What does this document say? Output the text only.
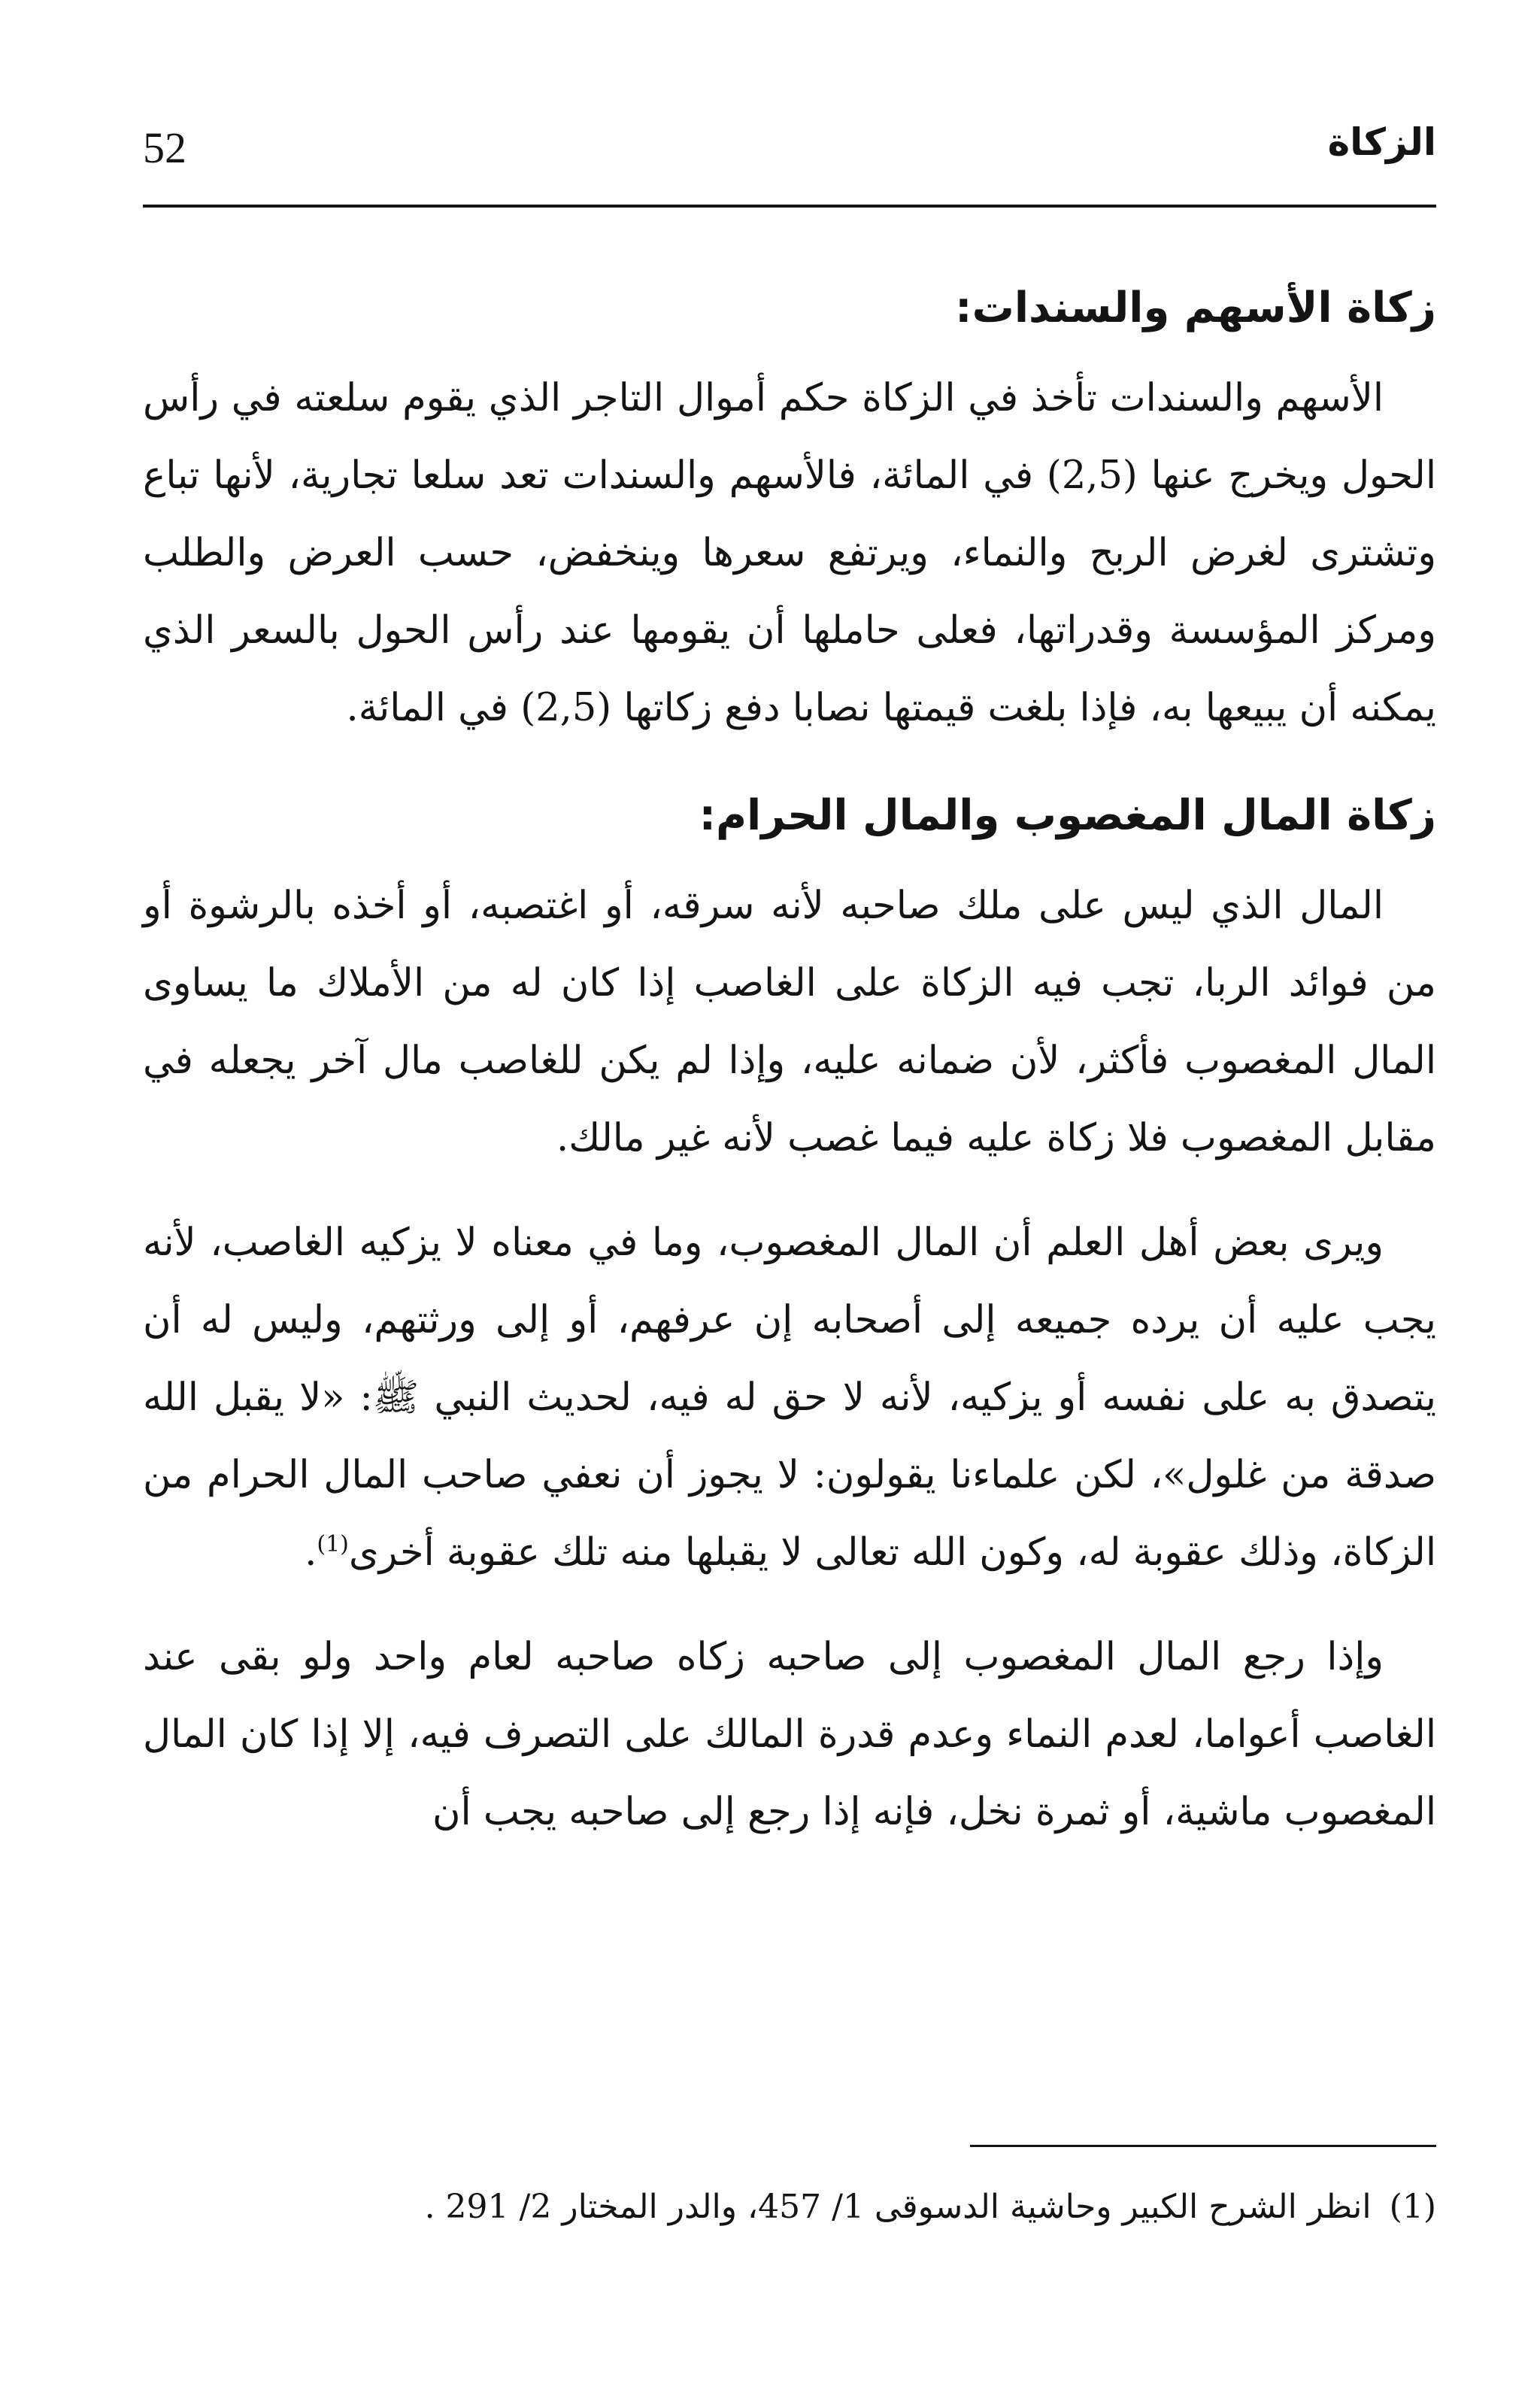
52	الزكاة
زكاة الأسهم والسندات:

الأسهم والسندات تأخذ في الزكاة حكم أموال التاجر الذي يقوم سلعته في رأس الحول ويخرج عنها (2,5) في المائة، فالأسهم والسندات تعد سلعا تجارية، لأنها تباع وتشترى لغرض الربح والنماء، ويرتفع سعرها وينخفض، حسب العرض والطلب ومركز المؤسسة وقدراتها، فعلى حاملها أن يقومها عند رأس الحول بالسعر الذي يمكنه أن يبيعها به، فإذا بلغت قيمتها نصابا دفع زكاتها (2,5) في المائة.

زكاة المال المغصوب والمال الحرام:

المال الذي ليس على ملك صاحبه لأنه سرقه، أو اغتصبه، أو أخذه بالرشوة أو من فوائد الربا، تجب فيه الزكاة على الغاصب إذا كان له من الأملاك ما يساوى المال المغصوب فأكثر، لأن ضمانه عليه، وإذا لم يكن للغاصب مال آخر يجعله في مقابل المغصوب فلا زكاة عليه فيما غصب لأنه غير مالك.

ويرى بعض أهل العلم أن المال المغصوب، وما في معناه لا يزكيه الغاصب، لأنه يجب عليه أن يرده جميعه إلى أصحابه إن عرفهم، أو إلى ورثتهم، وليس له أن يتصدق به على نفسه أو يزكيه، لأنه لا حق له فيه، لحديث النبي ﷺ: «لا يقبل الله صدقة من غلول»، لكن علماءنا يقولون: لا يجوز أن نعفي صاحب المال الحرام من الزكاة، وذلك عقوبة له، وكون الله تعالى لا يقبلها منه تلك عقوبة أخرى$^{(1)}$.

وإذا رجع المال المغصوب إلى صاحبه زكاه صاحبه لعام واحد ولو بقى عند الغاصب أعواما، لعدم النماء وعدم قدرة المالك على التصرف فيه، إلا إذا كان المال المغصوب ماشية، أو ثمرة نخل، فإنه إذا رجع إلى صاحبه يجب أن

(1)انظر الشرح الكبير وحاشية الدسوقى 1/ 457، والدر المختار 2/ 291 .
